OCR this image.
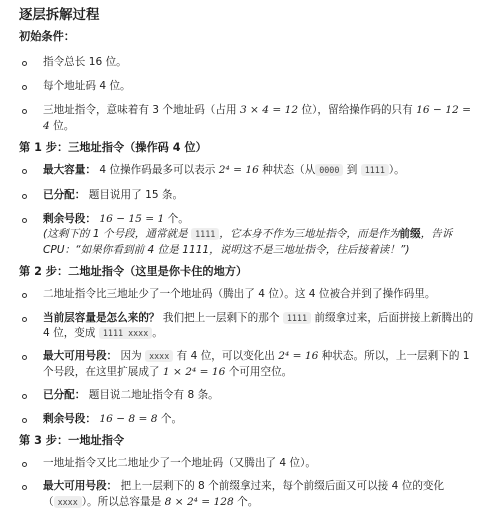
逐层拆解过程
初始条件：
指令总长 16 位。
每个地址码 4 位。
三地址指令，意味着有 3 个地址码（占用 3 × 4 = 12 位），留给操作码的只有 16 − 12 = 4 位。
第 1 步：三地址指令（操作码 4 位）
最大容量： 4 位操作码最多可以表示 2⁴ = 16 种状态（从 0000 到 1111 ）。
已分配： 题目说用了 15 条。
剩余号段： 16 − 15 = 1 个。
(这剩下的 1 个号段，通常就是 1111 ，它本身不作为三地址指令，而是作为前缀，告诉 CPU：“如果你看到前 4 位是 1111，说明这不是三地址指令，往后接着读！”)
第 2 步：二地址指令（这里是你卡住的地方）
二地址指令比三地址少了一个地址码（腾出了 4 位）。这 4 位被合并到了操作码里。
当前层容量是怎么来的？ 我们把上一层剩下的那个 1111 前缀拿过来，后面拼接上新腾出的 4 位，变成 1111 xxxx 。
最大可用号段： 因为 xxxx 有 4 位，可以变化出 2⁴ = 16 种状态。所以，上一层剩下的 1 个号段，在这里扩展成了 1 × 2⁴ = 16 个可用空位。
已分配： 题目说二地址指令有 8 条。
剩余号段： 16 − 8 = 8 个。
第 3 步：一地址指令
一地址指令又比二地址少了一个地址码（又腾出了 4 位）。
最大可用号段： 把上一层剩下的 8 个前缀拿过来，每个前缀后面又可以接 4 位的变化（ xxxx ）。所以总容量是 8 × 2⁴ = 128 个。
